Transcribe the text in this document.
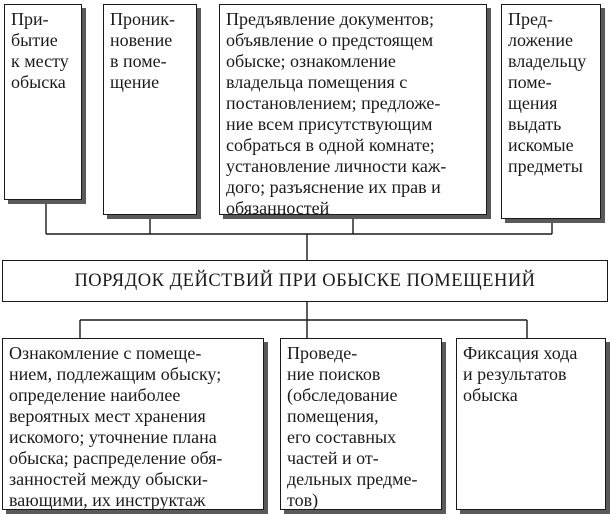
При-
бытие
к месту
обыска
Проник-
новение
в поме-
щение
Предъявление документов;
объявление о предстоящем
обыске; ознакомление
владельца помещения с
постановлением; предложе-
ние всем присутствующим
собраться в одной комнате;
установление личности каж-
дого; разъяснение их прав и
обязанностей
Пред-
ложение
владельцу
поме-
щения
выдать
искомые
предметы
ПОРЯДОК ДЕЙСТВИЙ ПРИ ОБЫСКЕ ПОМЕЩЕНИЙ
Ознакомление с помеще-
нием, подлежащим обыску;
определение наиболее
вероятных мест хранения
искомого; уточнение плана
обыска; распределение обя-
занностей между обыски-
вающими, их инструктаж
Проведе-
ние поисков
(обследование
помещения,
его составных
частей и от-
дельных предме-
тов)
Фиксация хода
и результатов
обыска
